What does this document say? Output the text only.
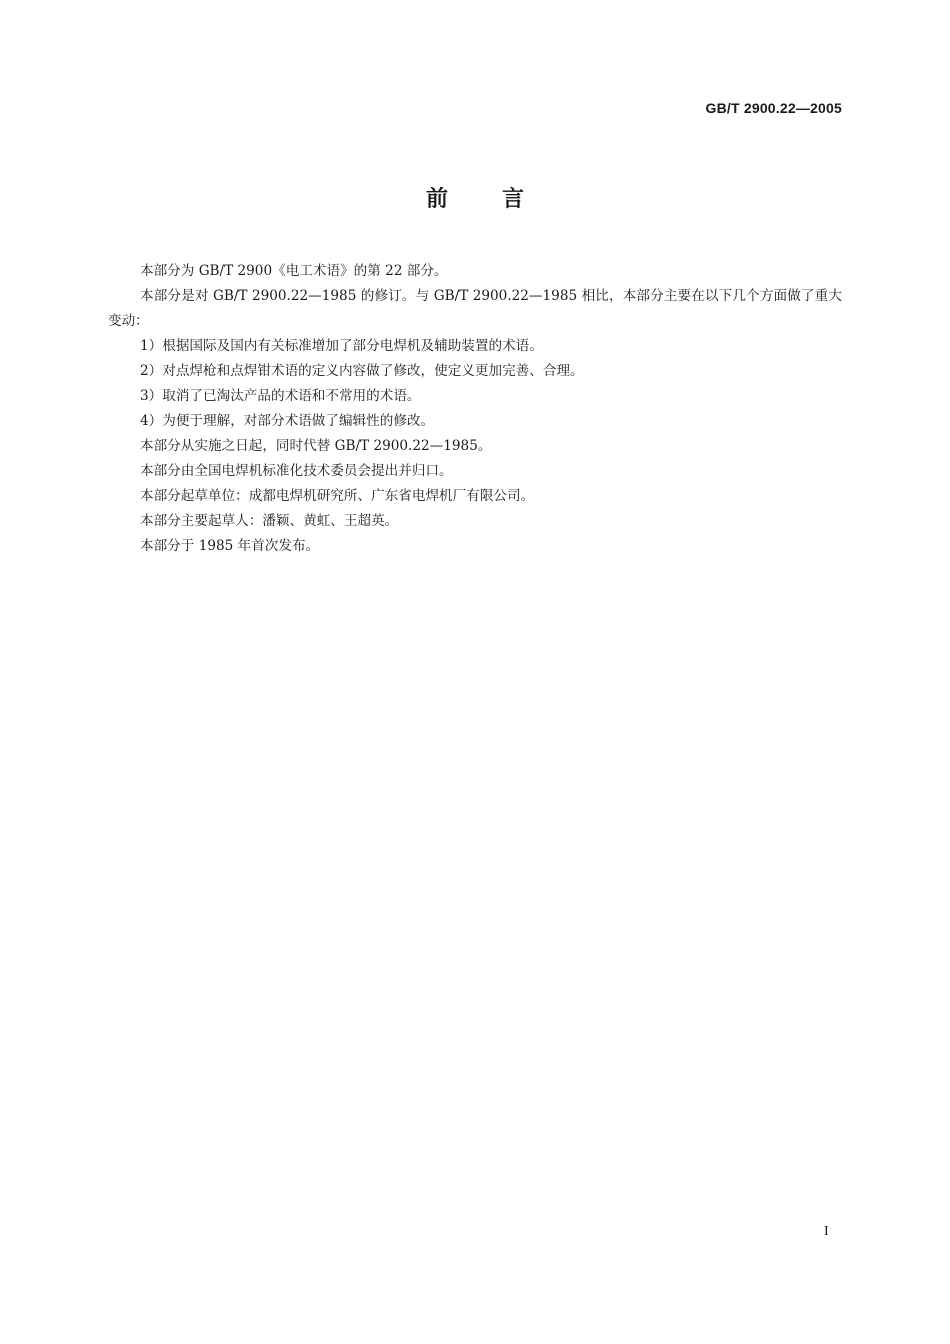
GB/T 2900.22—2005
前 言

本部分为 GB/T 2900《电工术语》的第 22 部分。

本部分是对 GB/T 2900.22—1985 的修订。与 GB/T 2900.22—1985 相比，本部分主要在以下几个方面做了重大变动：

1）根据国际及国内有关标准增加了部分电焊机及辅助装置的术语。

2）对点焊枪和点焊钳术语的定义内容做了修改，使定义更加完善、合理。

3）取消了已淘汰产品的术语和不常用的术语。

4）为便于理解，对部分术语做了编辑性的修改。

本部分从实施之日起，同时代替 GB/T 2900.22—1985。

本部分由全国电焊机标准化技术委员会提出并归口。

本部分起草单位：成都电焊机研究所、广东省电焊机厂有限公司。

本部分主要起草人：潘颖、黄虹、王超英。

本部分于 1985 年首次发布。

I
